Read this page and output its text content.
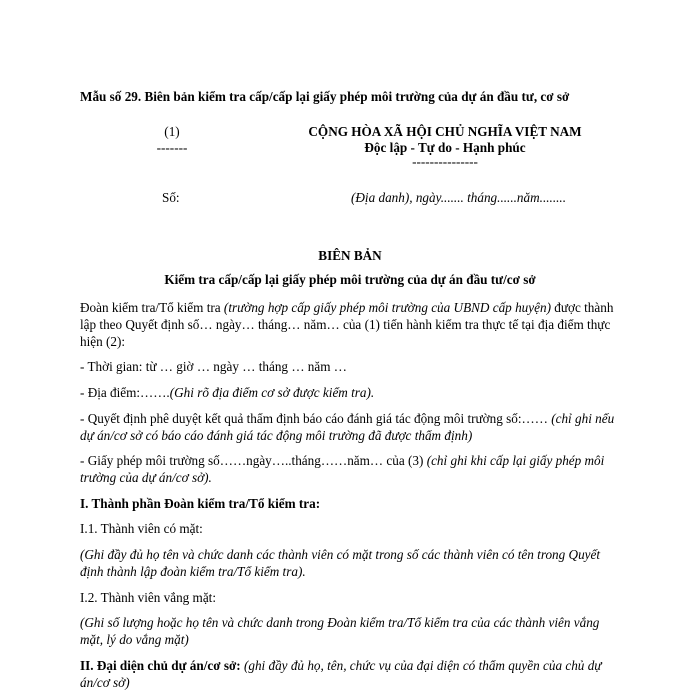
Mẫu số 29. Biên bản kiểm tra cấp/cấp lại giấy phép môi trường của dự án đầu tư, cơ sở
(1)
-------
CỘNG HÒA XÃ HỘI CHỦ NGHĨA VIỆT NAM
Độc lập - Tự do - Hạnh phúc
---------------
Số:	(Địa danh), ngày....... tháng......năm........
BIÊN BẢN
Kiểm tra cấp/cấp lại giấy phép môi trường của dự án đầu tư/cơ sở
Đoàn kiểm tra/Tổ kiểm tra (trường hợp cấp giấy phép môi trường của UBND cấp huyện) được thành lập theo Quyết định số… ngày… tháng… năm… của (1) tiến hành kiểm tra thực tế tại địa điểm thực hiện (2):
- Thời gian: từ … giờ … ngày … tháng … năm …
- Địa điểm:…….(Ghi rõ địa điểm cơ sở được kiểm tra).
- Quyết định phê duyệt kết quả thẩm định báo cáo đánh giá tác động môi trường số:…… (chỉ ghi nếu dự án/cơ sở có báo cáo đánh giá tác động môi trường đã được thẩm định)
- Giấy phép môi trường số……ngày…..tháng……năm… của (3) (chỉ ghi khi cấp lại giấy phép môi trường của dự án/cơ sở).
I. Thành phần Đoàn kiểm tra/Tổ kiểm tra:
I.1. Thành viên có mặt:
(Ghi đầy đủ họ tên và chức danh các thành viên có mặt trong số các thành viên có tên trong Quyết định thành lập đoàn kiểm tra/Tổ kiểm tra).
I.2. Thành viên vắng mặt:
(Ghi số lượng hoặc họ tên và chức danh trong Đoàn kiểm tra/Tổ kiểm tra của các thành viên vắng mặt, lý do vắng mặt)
II. Đại diện chủ dự án/cơ sở: (ghi đầy đủ họ, tên, chức vụ của đại diện có thẩm quyền của chủ dự án/cơ sở)
